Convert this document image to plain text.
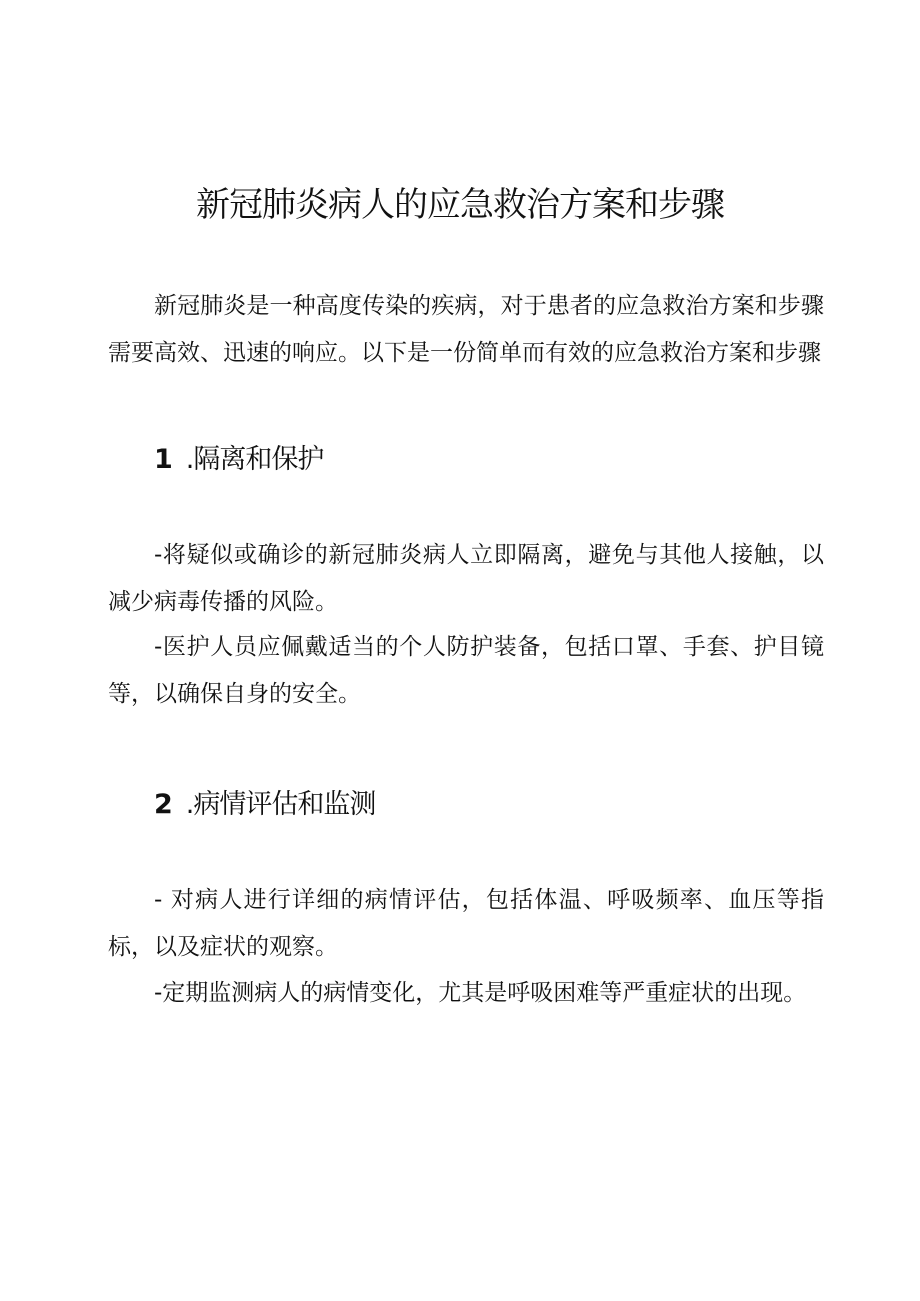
新冠肺炎病人的应急救治方案和步骤

新冠肺炎是一种高度传染的疾病，对于患者的应急救治方案和步骤需要高效、迅速的响应。以下是一份简单而有效的应急救治方案和步骤

1 .隔离和保护

-将疑似或确诊的新冠肺炎病人立即隔离，避免与其他人接触，以减少病毒传播的风险。

-医护人员应佩戴适当的个人防护装备，包括口罩、手套、护目镜等，以确保自身的安全。

2 .病情评估和监测

- 对病人进行详细的病情评估，包括体温、呼吸频率、血压等指标，以及症状的观察。

-定期监测病人的病情变化，尤其是呼吸困难等严重症状的出现。
